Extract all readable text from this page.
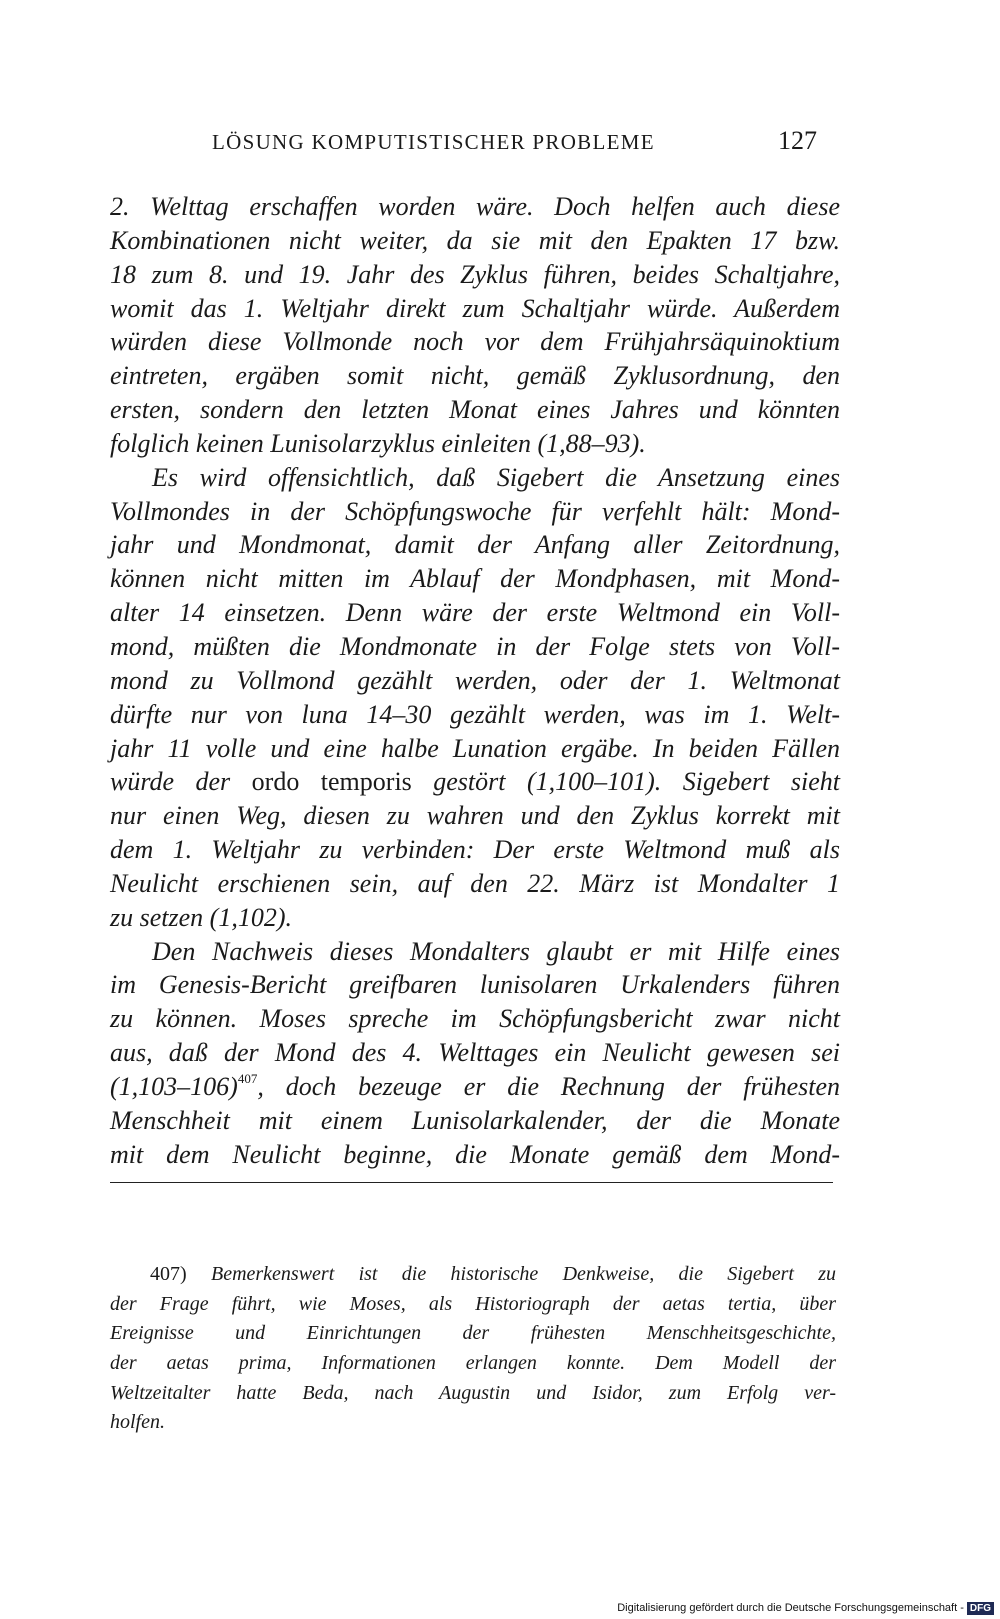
LÖSUNG KOMPUTISTISCHER PROBLEME	127
2. Welttag erschaffen worden wäre. Doch helfen auch diese
Kombinationen nicht weiter, da sie mit den Epakten 17 bzw.
18 zum 8. und 19. Jahr des Zyklus führen, beides Schaltjahre,
womit das 1. Weltjahr direkt zum Schaltjahr würde. Außerdem
würden diese Vollmonde noch vor dem Frühjahrsäquinoktium
eintreten, ergäben somit nicht, gemäß Zyklusordnung, den
ersten, sondern den letzten Monat eines Jahres und könnten
folglich keinen Lunisolarzyklus einleiten (1,88–93).
Es wird offensichtlich, daß Sigebert die Ansetzung eines
Vollmondes in der Schöpfungswoche für verfehlt hält: Mond-
jahr und Mondmonat, damit der Anfang aller Zeitordnung,
können nicht mitten im Ablauf der Mondphasen, mit Mond-
alter 14 einsetzen. Denn wäre der erste Weltmond ein Voll-
mond, müßten die Mondmonate in der Folge stets von Voll-
mond zu Vollmond gezählt werden, oder der 1. Weltmonat
dürfte nur von luna 14–30 gezählt werden, was im 1. Welt-
jahr 11 volle und eine halbe Lunation ergäbe. In beiden Fällen
würde der ordo temporis gestört (1,100–101). Sigebert sieht
nur einen Weg, diesen zu wahren und den Zyklus korrekt mit
dem 1. Weltjahr zu verbinden: Der erste Weltmond muß als
Neulicht erschienen sein, auf den 22. März ist Mondalter 1
zu setzen (1,102).
Den Nachweis dieses Mondalters glaubt er mit Hilfe eines
im Genesis-Bericht greifbaren lunisolaren Urkalenders führen
zu können. Moses spreche im Schöpfungsbericht zwar nicht
aus, daß der Mond des 4. Welttages ein Neulicht gewesen sei
$(1,103-106)^{407}$, doch bezeuge er die Rechnung der frühesten
Menschheit mit einem Lunisolarkalender, der die Monate
mit dem Neulicht beginne, die Monate gemäß dem Mond-
407) Bemerkenswert ist die historische Denkweise, die Sigebert zu
der Frage führt, wie Moses, als Historiograph der aetas tertia, über
Ereignisse und Einrichtungen der frühesten Menschheitsgeschichte,
der aetas prima, Informationen erlangen konnte. Dem Modell der
Weltzeitalter hatte Beda, nach Augustin und Isidor, zum Erfolg ver-
holfen.
Digitalisierung gefördert durch die Deutsche Forschungsgemeinschaft - DFG
